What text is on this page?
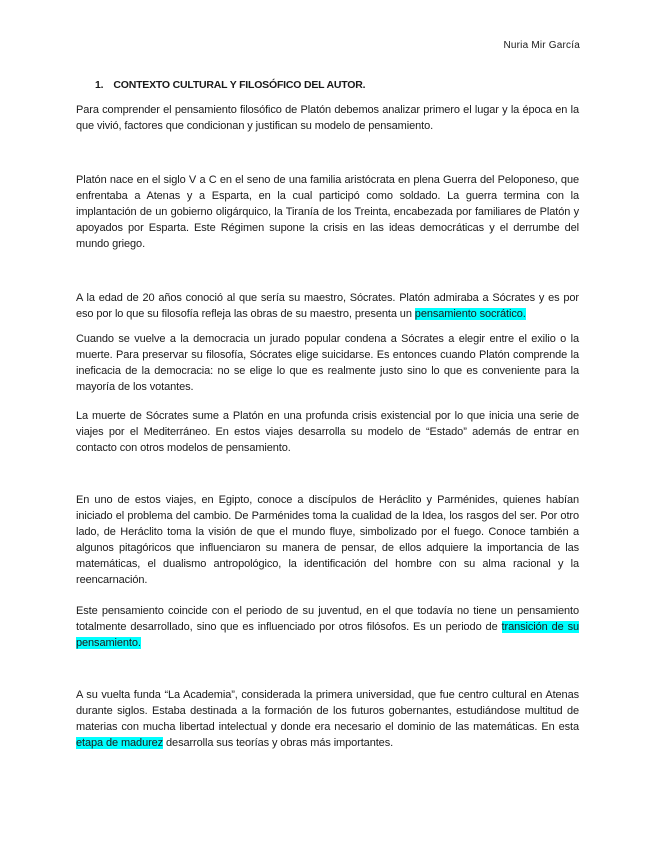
Nuria Mir García
1. CONTEXTO CULTURAL Y FILOSÓFICO DEL AUTOR.
Para comprender el pensamiento filosófico de Platón debemos analizar primero el lugar y la época en la que vivió, factores que condicionan y justifican su modelo de pensamiento.
Platón nace en el siglo V a C en el seno de una familia aristócrata en plena Guerra del Peloponeso, que enfrentaba a Atenas y a Esparta, en la cual participó como soldado. La guerra termina con la implantación de un gobierno oligárquico, la Tiranía de los Treinta, encabezada por familiares de Platón y apoyados por Esparta. Este Régimen supone la crisis en las ideas democráticas y el derrumbe del mundo griego.
A la edad de 20 años conoció al que sería su maestro, Sócrates. Platón admiraba a Sócrates y es por eso por lo que su filosofía refleja las obras de su maestro, presenta un pensamiento socrático.
Cuando se vuelve a la democracia un jurado popular condena a Sócrates a elegir entre el exilio o la muerte. Para preservar su filosofía, Sócrates elige suicidarse. Es entonces cuando Platón comprende la ineficacia de la democracia: no se elige lo que es realmente justo sino lo que es conveniente para la mayoría de los votantes.
La muerte de Sócrates sume a Platón en una profunda crisis existencial por lo que inicia una serie de viajes por el Mediterráneo. En estos viajes desarrolla su modelo de “Estado” además de entrar en contacto con otros modelos de pensamiento.
En uno de estos viajes, en Egipto, conoce a discípulos de Heráclito y Parménides, quienes habían iniciado el problema del cambio. De Parménides toma la cualidad de la Idea, los rasgos del ser. Por otro lado, de Heráclito toma la visión de que el mundo fluye, simbolizado por el fuego. Conoce también a algunos pitagóricos que influenciaron su manera de pensar, de ellos adquiere la importancia de las matemáticas, el dualismo antropológico, la identificación del hombre con su alma racional y la reencarnación.
Este pensamiento coincide con el periodo de su juventud, en el que todavía no tiene un pensamiento totalmente desarrollado, sino que es influenciado por otros filósofos. Es un periodo de transición de su pensamiento.
A su vuelta funda “La Academia”, considerada la primera universidad, que fue centro cultural en Atenas durante siglos. Estaba destinada a la formación de los futuros gobernantes, estudiándose multitud de materias con mucha libertad intelectual y donde era necesario el dominio de las matemáticas. En esta etapa de madurez desarrolla sus teorías y obras más importantes.
